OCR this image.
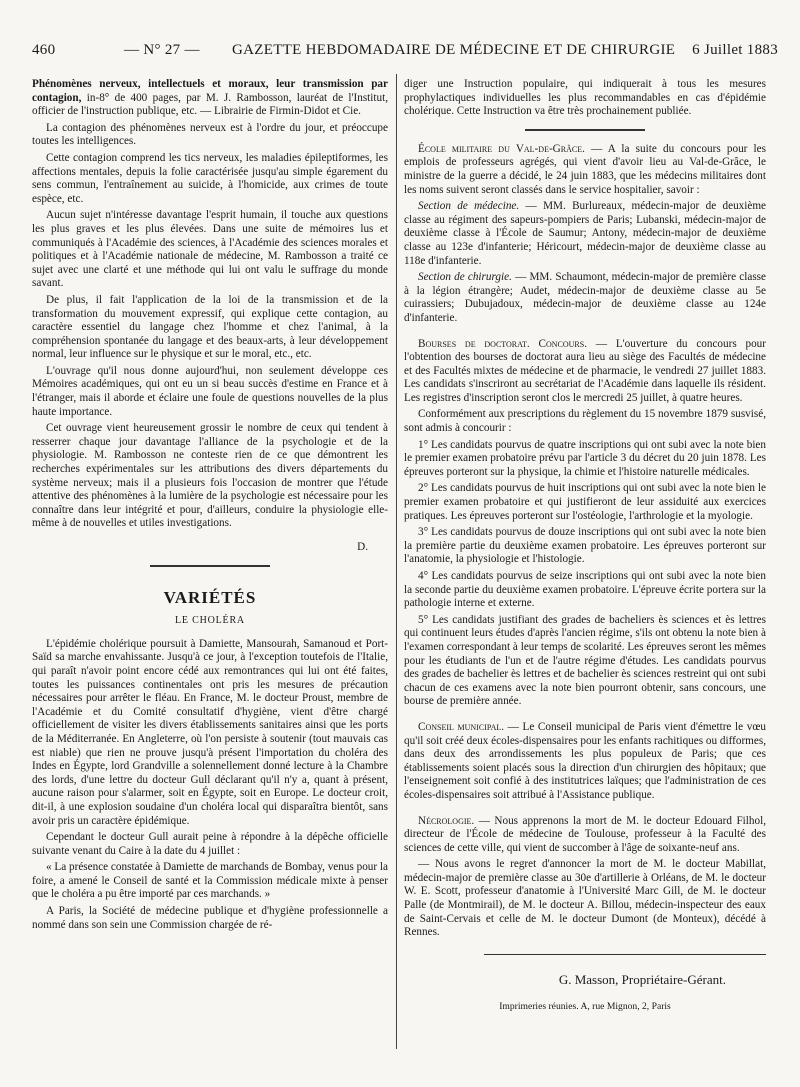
460	— N° 27 — GAZETTE HEBDOMADAIRE DE MÉDECINE ET DE CHIRURGIE 6 Juillet 1883

Phénomènes nerveux, intellectuels et moraux, leur transmission par contagion, in-8° de 400 pages, par M. J. Rambosson, lauréat de l'Institut, officier de l'instruction publique, etc. — Librairie de Firmin-Didot et Cie.

La contagion des phénomènes nerveux est à l'ordre du jour, et préoccupe toutes les intelligences.

Cette contagion comprend les tics nerveux, les maladies épileptiformes, les affections mentales, depuis la folie caractérisée jusqu'au simple égarement du sens commun, l'entraînement au suicide, à l'homicide, aux crimes de toute espèce, etc.

Aucun sujet n'intéresse davantage l'esprit humain, il touche aux questions les plus graves et les plus élevées. Dans une suite de mémoires lus et communiqués à l'Académie des sciences, à l'Académie des sciences morales et politiques et à l'Académie nationale de médecine, M. Rambosson a traité ce sujet avec une clarté et une méthode qui lui ont valu le suffrage du monde savant.

De plus, il fait l'application de la loi de la transmission et de la transformation du mouvement expressif, qui explique cette contagion, au caractère essentiel du langage chez l'homme et chez l'animal, à la compréhension spontanée du langage et des beaux-arts, à leur développement normal, leur influence sur le physique et sur le moral, etc., etc.

L'ouvrage qu'il nous donne aujourd'hui, non seulement développe ces Mémoires académiques, qui ont eu un si beau succès d'estime en France et à l'étranger, mais il aborde et éclaire une foule de questions nouvelles de la plus haute importance.

Cet ouvrage vient heureusement grossir le nombre de ceux qui tendent à resserrer chaque jour davantage l'alliance de la psychologie et de la physiologie. M. Rambosson ne conteste rien de ce que démontrent les recherches expérimentales sur les attributions des divers départements du système nerveux; mais il a plusieurs fois l'occasion de montrer que l'étude attentive des phénomènes à la lumière de la psychologie est nécessaire pour les connaître dans leur intégrité et pour, d'ailleurs, conduire la physiologie elle-même à de nouvelles et utiles investigations.

D.
VARIÉTÉS
LE CHOLÉRA

L'épidémie cholérique poursuit à Damiette, Mansourah, Samanoud et Port-Saïd sa marche envahissante. Jusqu'à ce jour, à l'exception toutefois de l'Italie, qui paraît n'avoir point encore cédé aux remontrances qui lui ont été faites, toutes les puissances continentales ont pris les mesures de précaution nécessaires pour arrêter le fléau. En France, M. le docteur Proust, membre de l'Académie et du Comité consultatif d'hygiène, vient d'être chargé officiellement de visiter les divers établissements sanitaires ainsi que les ports de la Méditerranée. En Angleterre, où l'on persiste à soutenir (tout mauvais cas est niable) que rien ne prouve jusqu'à présent l'importation du choléra des Indes en Égypte, lord Grandville a solennellement donné lecture à la Chambre des lords, d'une lettre du docteur Gull déclarant qu'il n'y a, quant à présent, aucune raison pour s'alarmer, soit en Égypte, soit en Europe. Le docteur croit, dit-il, à une explosion soudaine d'un choléra local qui disparaîtra bientôt, sans avoir pris un caractère épidémique.

Cependant le docteur Gull aurait peine à répondre à la dépêche officielle suivante venant du Caire à la date du 4 juillet :

« La présence constatée à Damiette de marchands de Bombay, venus pour la foire, a amené le Conseil de santé et la Commission médicale mixte à penser que le choléra a pu être importé par ces marchands. »

A Paris, la Société de médecine publique et d'hygiène professionnelle a nommé dans son sein une Commission chargée de ré-

diger une Instruction populaire, qui indiquerait à tous les mesures prophylactiques individuelles les plus recommandables en cas d'épidémie cholérique. Cette Instruction va être très prochainement publiée.

École militaire du Val-de-Grâce. — A la suite du concours pour les emplois de professeurs agrégés, qui vient d'avoir lieu au Val-de-Grâce, le ministre de la guerre a décidé, le 24 juin 1883, que les médecins militaires dont les noms suivent seront classés dans le service hospitalier, savoir :

Section de médecine. — MM. Burlureaux, médecin-major de deuxième classe au régiment des sapeurs-pompiers de Paris; Lubanski, médecin-major de deuxième classe à l'École de Saumur; Antony, médecin-major de deuxième classe au 123e d'infanterie; Héricourt, médecin-major de deuxième classe au 118e d'infanterie.

Section de chirurgie. — MM. Schaumont, médecin-major de première classe à la légion étrangère; Audet, médecin-major de deuxième classe au 5e cuirassiers; Dubujadoux, médecin-major de deuxième classe au 124e d'infanterie.

Bourses de doctorat. Concours. — L'ouverture du concours pour l'obtention des bourses de doctorat aura lieu au siège des Facultés de médecine et des Facultés mixtes de médecine et de pharmacie, le vendredi 27 juillet 1883. Les candidats s'inscriront au secrétariat de l'Académie dans laquelle ils résident. Les registres d'inscription seront clos le mercredi 25 juillet, à quatre heures.

Conformément aux prescriptions du règlement du 15 novembre 1879 susvisé, sont admis à concourir :

1° Les candidats pourvus de quatre inscriptions qui ont subi avec la note bien le premier examen probatoire prévu par l'article 3 du décret du 20 juin 1878. Les épreuves porteront sur la physique, la chimie et l'histoire naturelle médicales.

2° Les candidats pourvus de huit inscriptions qui ont subi avec la note bien le premier examen probatoire et qui justifieront de leur assiduité aux exercices pratiques. Les épreuves porteront sur l'ostéologie, l'arthrologie et la myologie.

3° Les candidats pourvus de douze inscriptions qui ont subi avec la note bien la première partie du deuxième examen probatoire. Les épreuves porteront sur l'anatomie, la physiologie et l'histologie.

4° Les candidats pourvus de seize inscriptions qui ont subi avec la note bien la seconde partie du deuxième examen probatoire. L'épreuve écrite portera sur la pathologie interne et externe.

5° Les candidats justifiant des grades de bacheliers ès sciences et ès lettres qui continuent leurs études d'après l'ancien régime, s'ils ont obtenu la note bien à l'examen correspondant à leur temps de scolarité. Les épreuves seront les mêmes pour les étudiants de l'un et de l'autre régime d'études. Les candidats pourvus des grades de bachelier ès lettres et de bachelier ès sciences restreint qui ont subi chacun de ces examens avec la note bien pourront obtenir, sans concours, une bourse de première année.

Conseil municipal. — Le Conseil municipal de Paris vient d'émettre le vœu qu'il soit créé deux écoles-dispensaires pour les enfants rachitiques ou difformes, dans deux des arrondissements les plus populeux de Paris; que ces établissements soient placés sous la direction d'un chirurgien des hôpitaux; que l'enseignement soit confié à des institutrices laïques; que l'administration de ces écoles-dispensaires soit attribué à l'Assistance publique.

Nécrologie. — Nous apprenons la mort de M. le docteur Edouard Filhol, directeur de l'École de médecine de Toulouse, professeur à la Faculté des sciences de cette ville, qui vient de succomber à l'âge de soixante-neuf ans.

— Nous avons le regret d'annoncer la mort de M. le docteur Mabillat, médecin-major de première classe au 30e d'artillerie à Orléans, de M. le docteur W. E. Scott, professeur d'anatomie à l'Université Marc Gill, de M. le docteur Palle (de Montmirail), de M. le docteur A. Billou, médecin-inspecteur des eaux de Saint-Cervais et celle de M. le docteur Dumont (de Monteux), décédé à Rennes.

G. Masson, Propriétaire-Gérant.
Imprimeries réunies. A, rue Mignon, 2, Paris
